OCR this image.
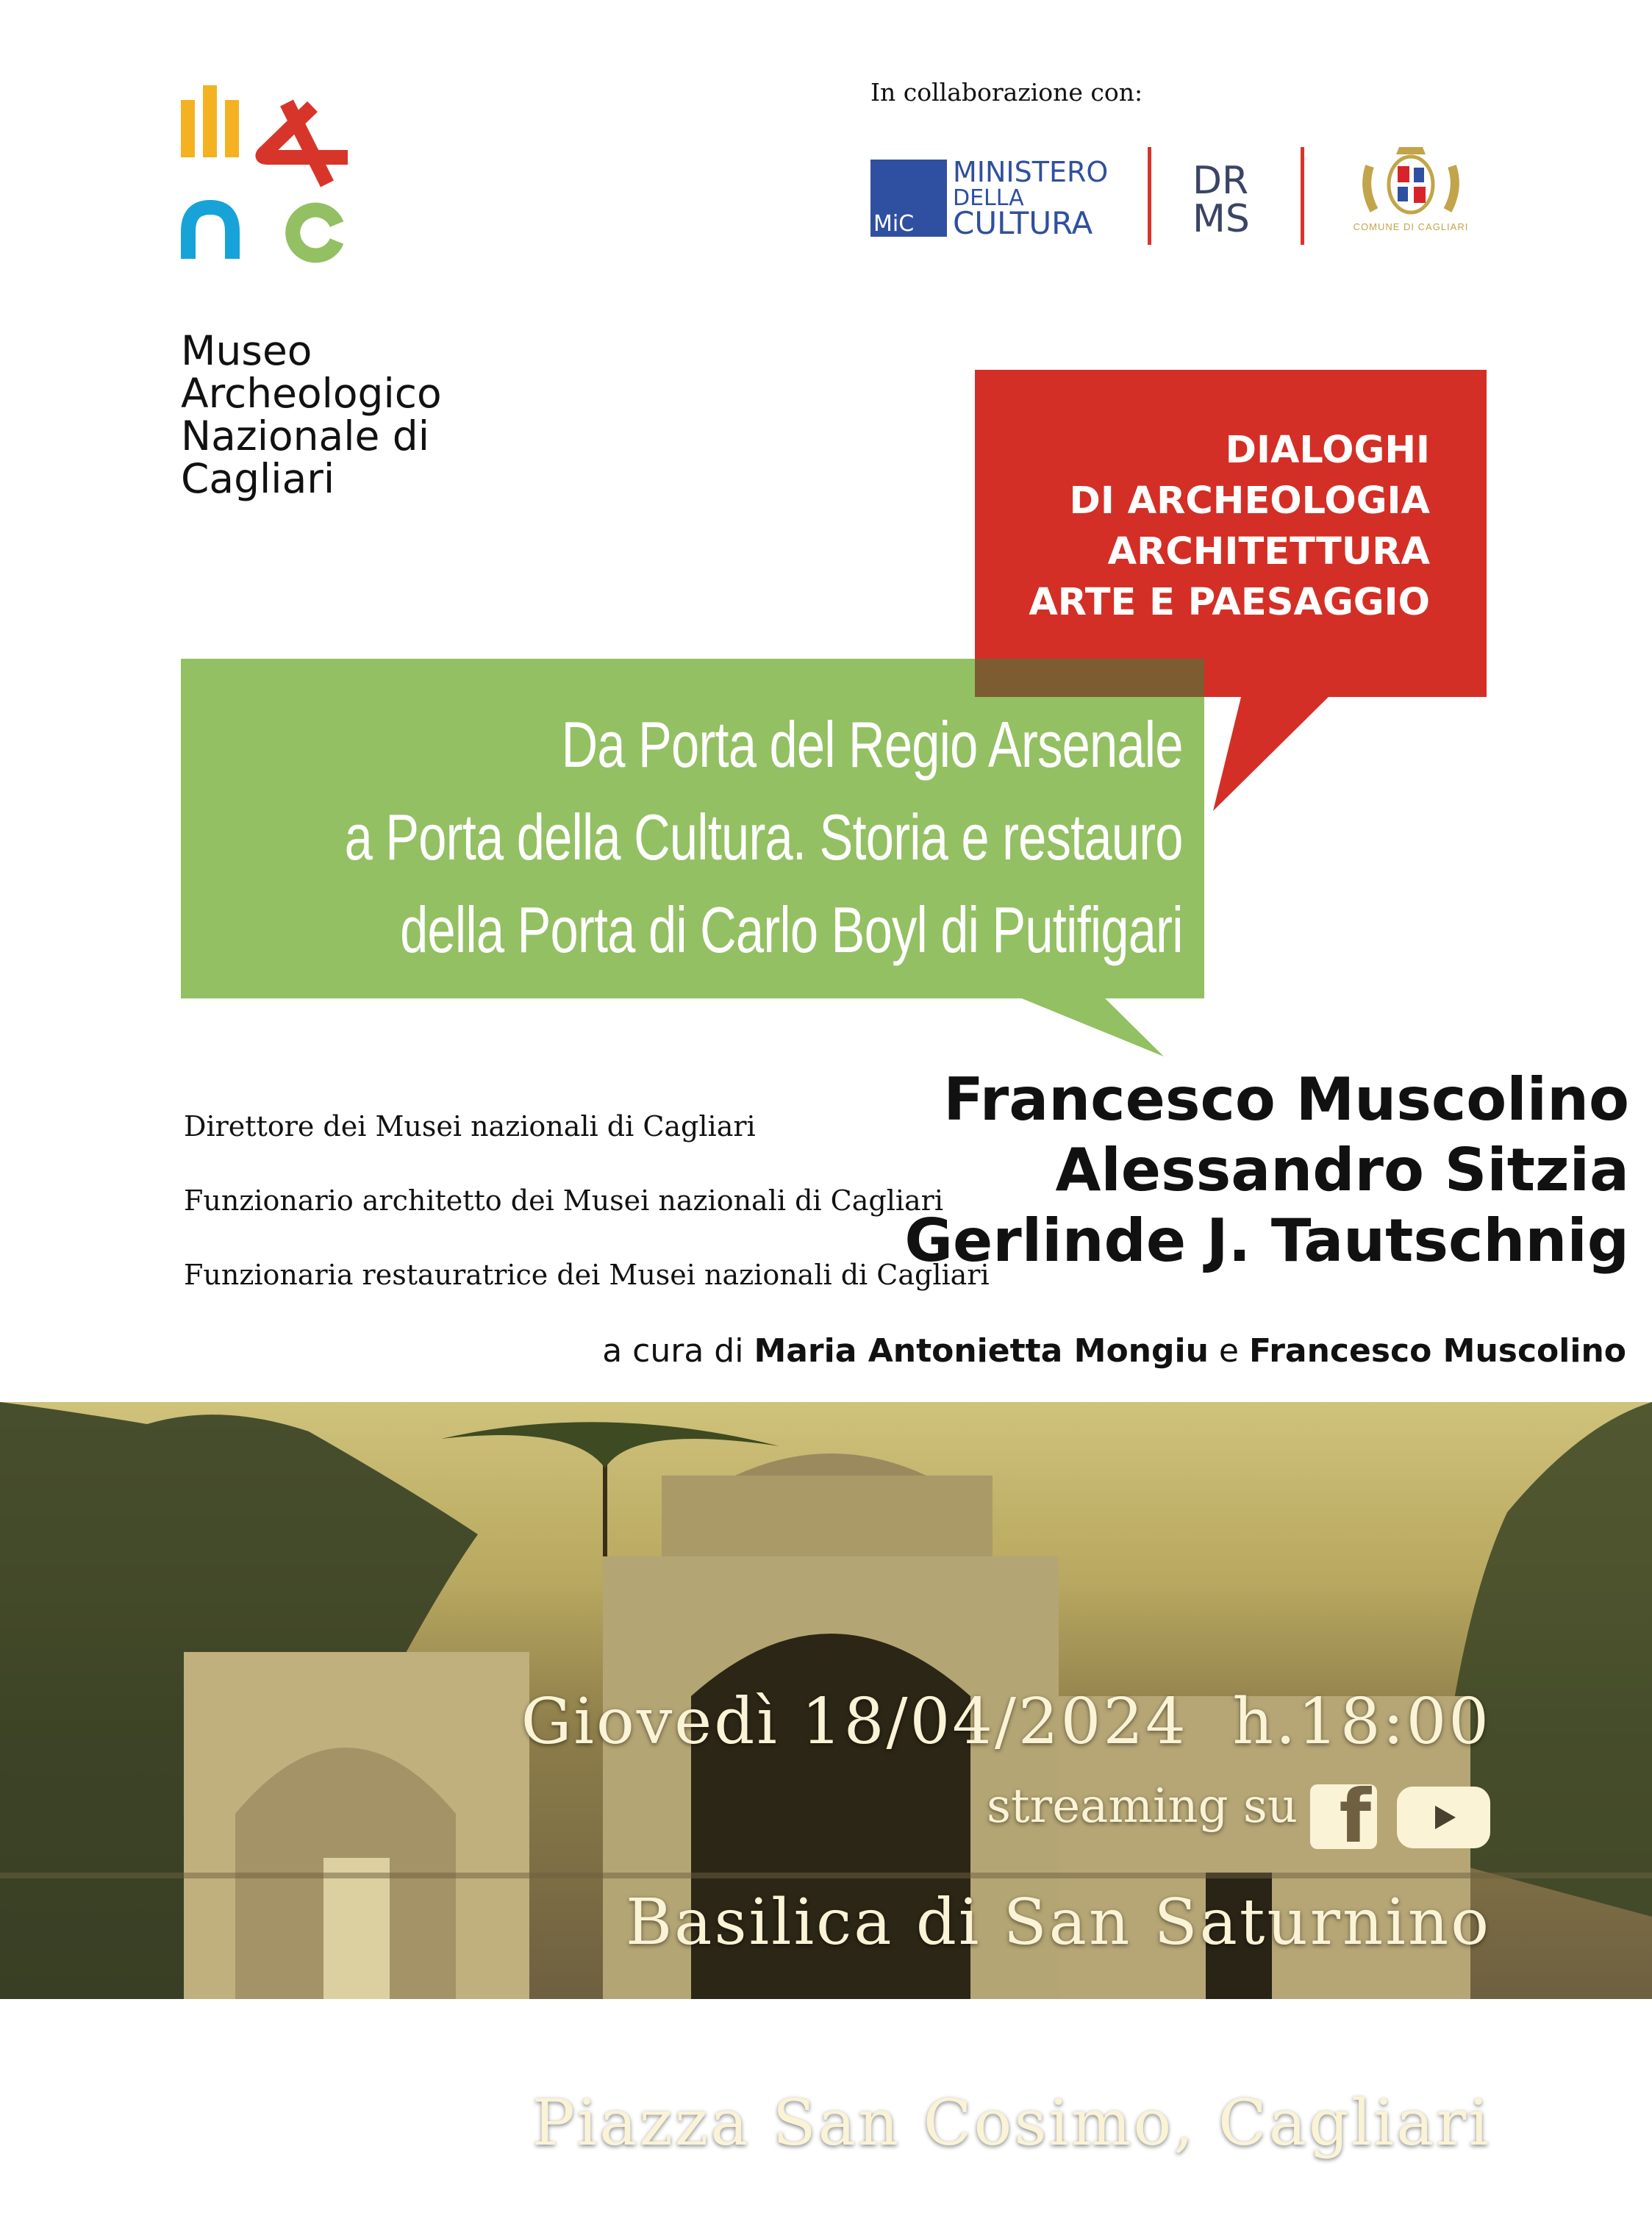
Museo
Archeologico
Nazionale di
Cagliari
In collaborazione con:
MiC
MINISTERO
DELLA
CULTURA
DRMS	COMUNE DI CAGLIARI
DIALOGHI
DI ARCHEOLOGIA
ARCHITETTURA
ARTE E PAESAGGIO
Da Porta del Regio Arsenale
a Porta della Cultura. Storia e restauro
della Porta di Carlo Boyl di Putifigari
Direttore dei Musei nazionali di Cagliari
Funzionario architetto dei Musei nazionali di Cagliari
Funzionaria restauratrice dei Musei nazionali di Cagliari
Francesco Muscolino
Alessandro Sitzia
Gerlinde J. Tautschnig
a cura di Maria Antonietta Mongiu e Francesco Muscolino

Giovedì 18/04/2024  h.18:00

Basilica di San Saturnino

Piazza San Cosimo, Cagliari

streaming su f
